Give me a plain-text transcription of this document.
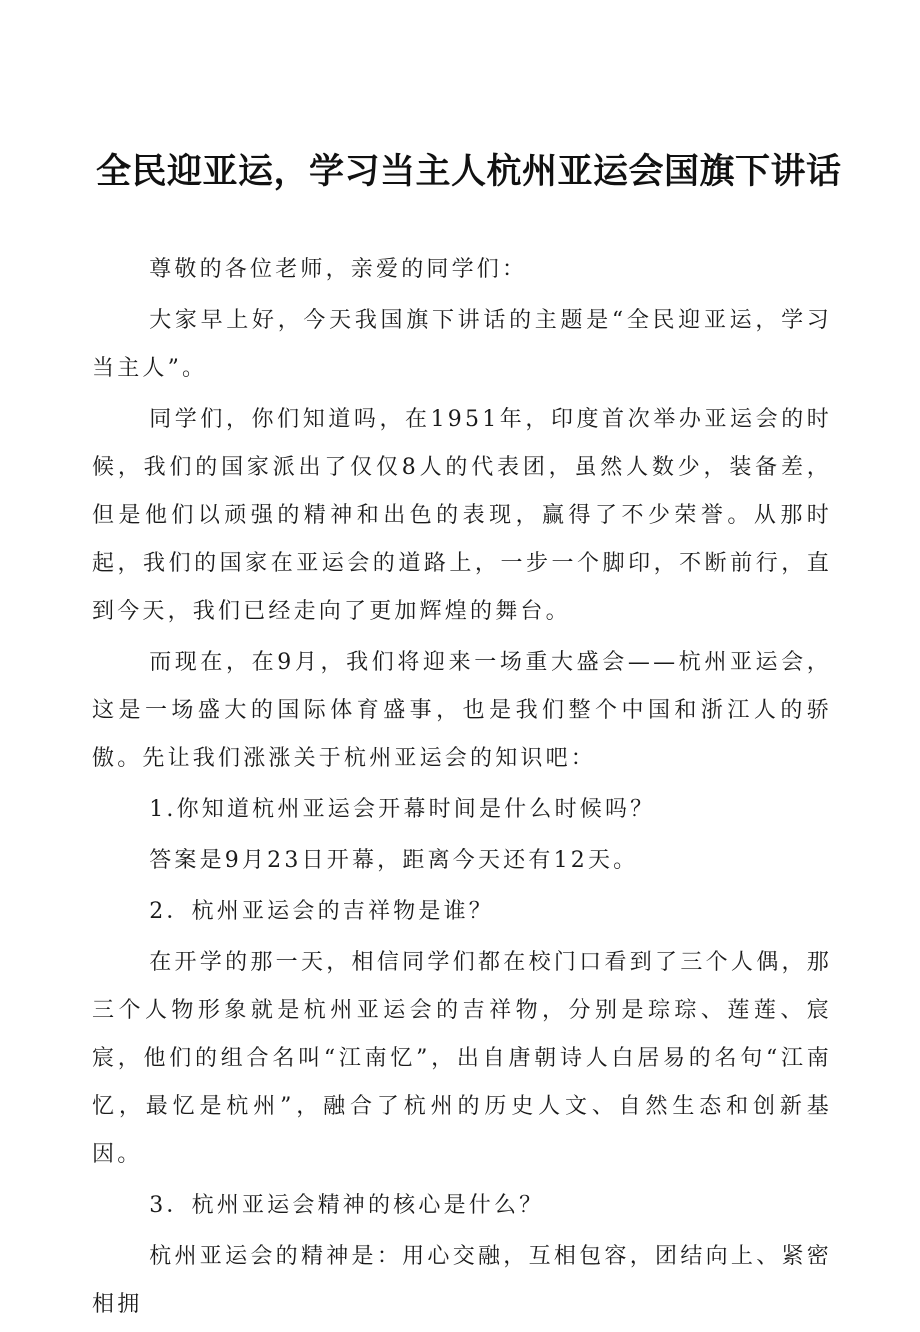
全民迎亚运，学习当主人杭州亚运会国旗下讲话

尊敬的各位老师，亲爱的同学们：

大家早上好，今天我国旗下讲话的主题是“全民迎亚运，学习当主人”。

同学们，你们知道吗，在1951年，印度首次举办亚运会的时候，我们的国家派出了仅仅8人的代表团，虽然人数少，装备差，但是他们以顽强的精神和出色的表现，赢得了不少荣誉。从那时起，我们的国家在亚运会的道路上，一步一个脚印，不断前行，直到今天，我们已经走向了更加辉煌的舞台。

而现在，在9月，我们将迎来一场重大盛会——杭州亚运会，这是一场盛大的国际体育盛事，也是我们整个中国和浙江人的骄傲。先让我们涨涨关于杭州亚运会的知识吧：

1.你知道杭州亚运会开幕时间是什么时候吗？

答案是9月23日开幕，距离今天还有12天。

2．杭州亚运会的吉祥物是谁？

在开学的那一天，相信同学们都在校门口看到了三个人偶，那三个人物形象就是杭州亚运会的吉祥物，分别是琮琮、莲莲、宸宸，他们的组合名叫“江南忆”，出自唐朝诗人白居易的名句“江南忆，最忆是杭州”，融合了杭州的历史人文、自然生态和创新基因。

3．杭州亚运会精神的核心是什么？

杭州亚运会的精神是：用心交融，互相包容，团结向上、紧密相拥
